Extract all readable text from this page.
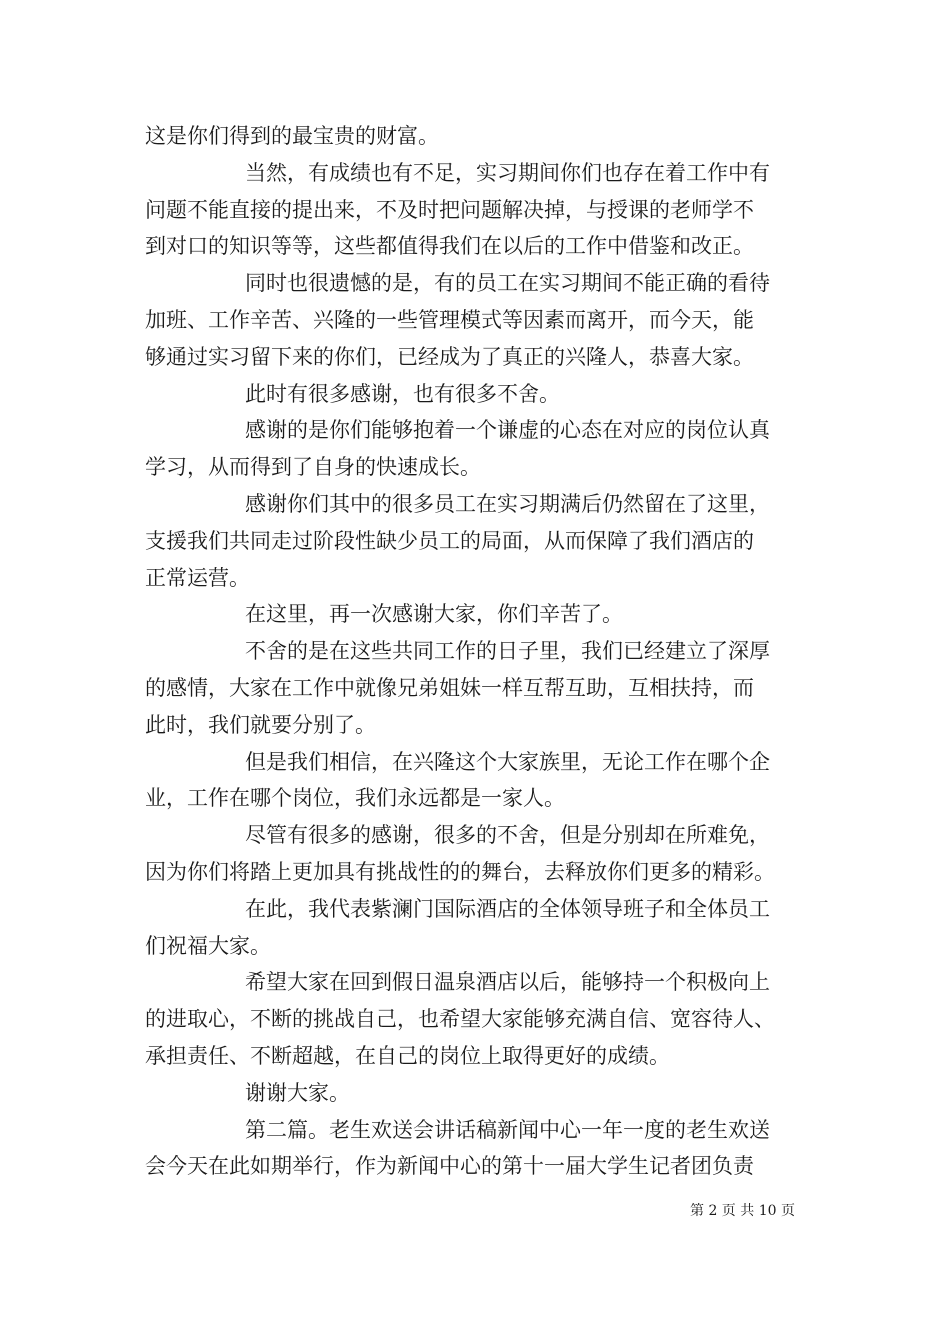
这是你们得到的最宝贵的财富。
当然，有成绩也有不足，实习期间你们也存在着工作中有
问题不能直接的提出来，不及时把问题解决掉，与授课的老师学不
到对口的知识等等，这些都值得我们在以后的工作中借鉴和改正。
同时也很遗憾的是，有的员工在实习期间不能正确的看待
加班、工作辛苦、兴隆的一些管理模式等因素而离开，而今天，能
够通过实习留下来的你们，已经成为了真正的兴隆人，恭喜大家。
此时有很多感谢，也有很多不舍。
感谢的是你们能够抱着一个谦虚的心态在对应的岗位认真
学习，从而得到了自身的快速成长。
感谢你们其中的很多员工在实习期满后仍然留在了这里，
支援我们共同走过阶段性缺少员工的局面，从而保障了我们酒店的
正常运营。
在这里，再一次感谢大家，你们辛苦了。
不舍的是在这些共同工作的日子里，我们已经建立了深厚
的感情，大家在工作中就像兄弟姐妹一样互帮互助，互相扶持，而
此时，我们就要分别了。
但是我们相信，在兴隆这个大家族里，无论工作在哪个企
业，工作在哪个岗位，我们永远都是一家人。
尽管有很多的感谢，很多的不舍，但是分别却在所难免，
因为你们将踏上更加具有挑战性的的舞台，去释放你们更多的精彩。
在此，我代表紫澜门国际酒店的全体领导班子和全体员工
们祝福大家。
希望大家在回到假日温泉酒店以后，能够持一个积极向上
的进取心，不断的挑战自己，也希望大家能够充满自信、宽容待人、
承担责任、不断超越，在自己的岗位上取得更好的成绩。
谢谢大家。
第二篇。老生欢送会讲话稿新闻中心一年一度的老生欢送
会今天在此如期举行，作为新闻中心的第十一届大学生记者团负责
第 2 页 共 10 页
